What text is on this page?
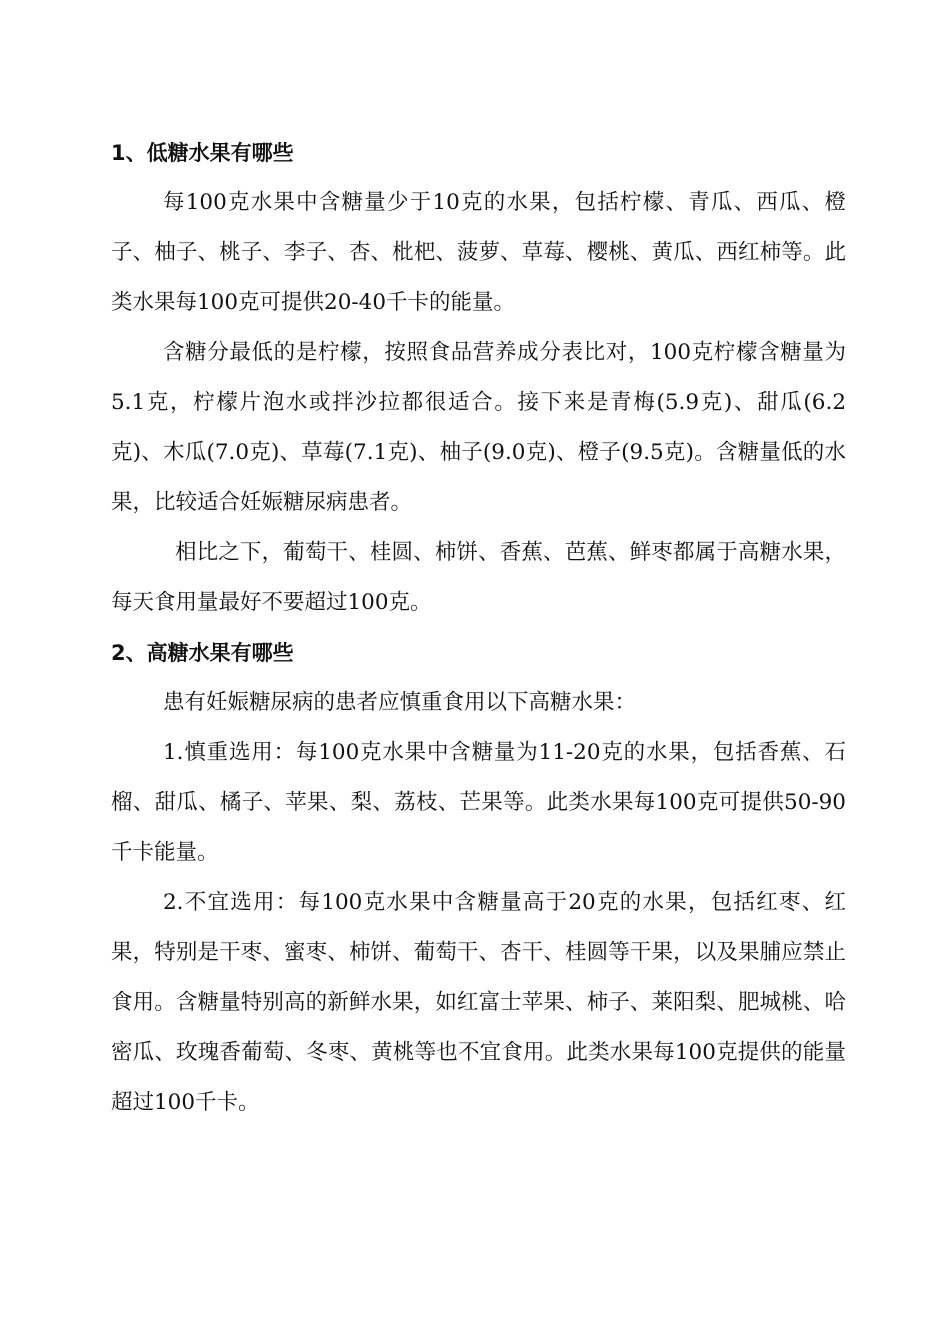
1、低糖水果有哪些

每100克水果中含糖量少于10克的水果，包括柠檬、青瓜、西瓜、橙子、柚子、桃子、李子、杏、枇杷、菠萝、草莓、樱桃、黄瓜、西红柿等。此类水果每100克可提供20-40千卡的能量。

含糖分最低的是柠檬，按照食品营养成分表比对，100克柠檬含糖量为5.1克，柠檬片泡水或拌沙拉都很适合。接下来是青梅(5.9克)、甜瓜(6.2克)、木瓜(7.0克)、草莓(7.1克)、柚子(9.0克)、橙子(9.5克)。含糖量低的水果，比较适合妊娠糖尿病患者。

相比之下，葡萄干、桂圆、柿饼、香蕉、芭蕉、鲜枣都属于高糖水果，每天食用量最好不要超过100克。

2、高糖水果有哪些

患有妊娠糖尿病的患者应慎重食用以下高糖水果：

1.慎重选用：每100克水果中含糖量为11-20克的水果，包括香蕉、石榴、甜瓜、橘子、苹果、梨、荔枝、芒果等。此类水果每100克可提供50-90千卡能量。

2.不宜选用：每100克水果中含糖量高于20克的水果，包括红枣、红果，特别是干枣、蜜枣、柿饼、葡萄干、杏干、桂圆等干果，以及果脯应禁止食用。含糖量特别高的新鲜水果，如红富士苹果、柿子、莱阳梨、肥城桃、哈密瓜、玫瑰香葡萄、冬枣、黄桃等也不宜食用。此类水果每100克提供的能量超过100千卡。
